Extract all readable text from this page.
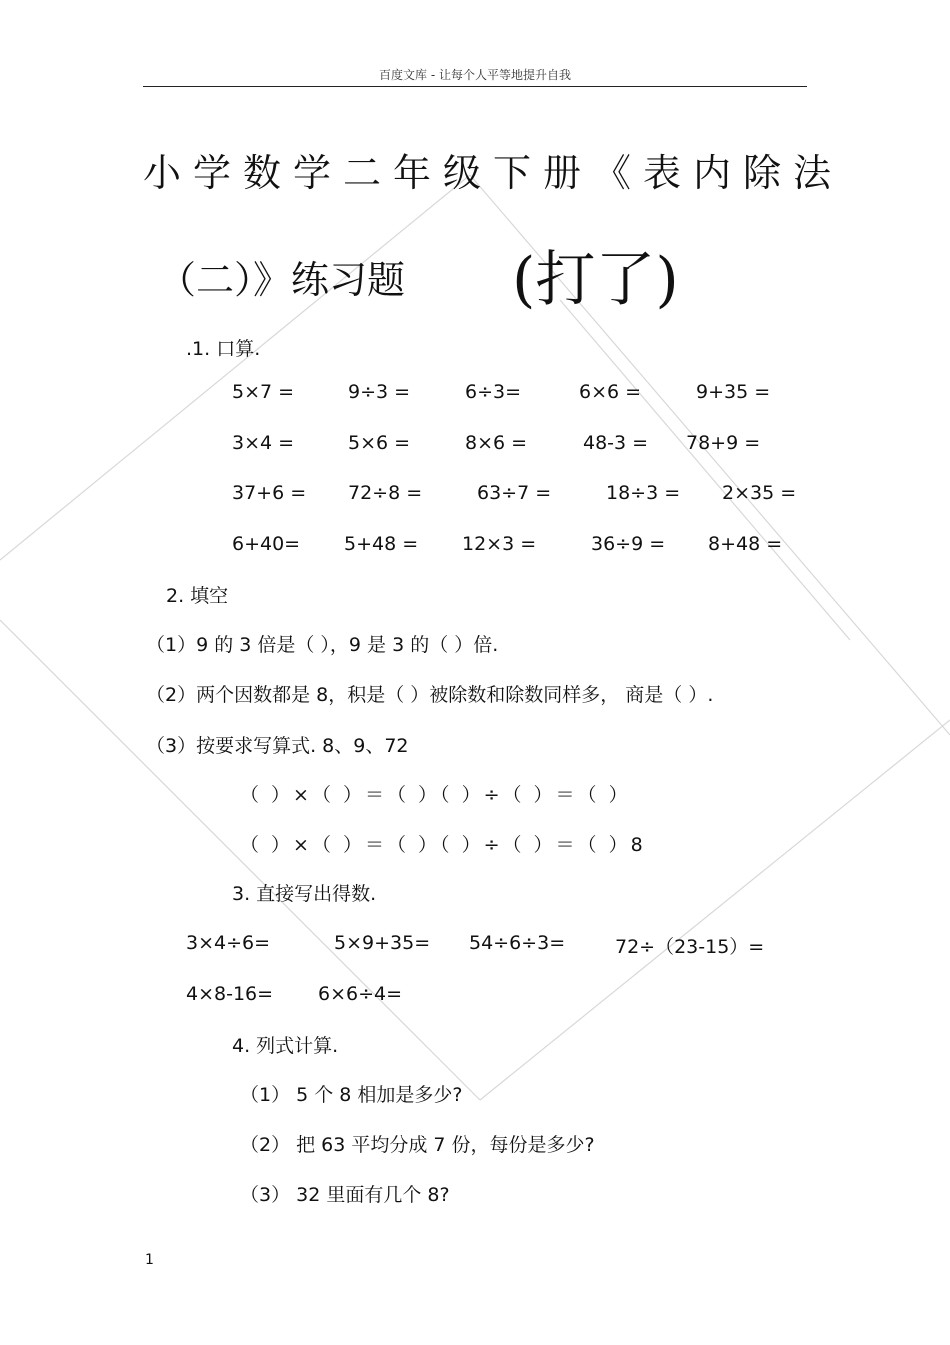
百度文库 - 让每个人平等地提升自我
小学数学二年级下册《表内除法
（二）》练习题 (打了)
.1. 口算.
5×7 =	9÷3 =	6÷3=	6×6 =	9+35 =
3×4 =	5×6 =	8×6 =	48-3 = 78+9 =
37+6 = 72÷8 =	63÷7 =	18÷3 = 2×35 =
6+40= 5+48 = 12×3 =	36÷9 = 8+48 =
2. 填空
（1）9 的 3 倍是（ ），9 是 3 的（ ）倍.
（2）两个因数都是 8，积是（ ）被除数和除数同样多， 商是（ ）.
（3）按要求写算式. 8、9、72
（ ）×（ ）＝（ ）（ ）÷（ ）＝（ ）
（ ）×（ ）＝（ ）（ ）÷（ ）＝（ ）8
3. 直接写出得数.
3×4÷6=	5×9+35= 54÷6÷3=	72÷（23-15）=
4×8-16= 6×6÷4=
4. 列式计算.
（1） 5 个 8 相加是多少?
（2） 把 63 平均分成 7 份，每份是多少?
（3） 32 里面有几个 8?
1
